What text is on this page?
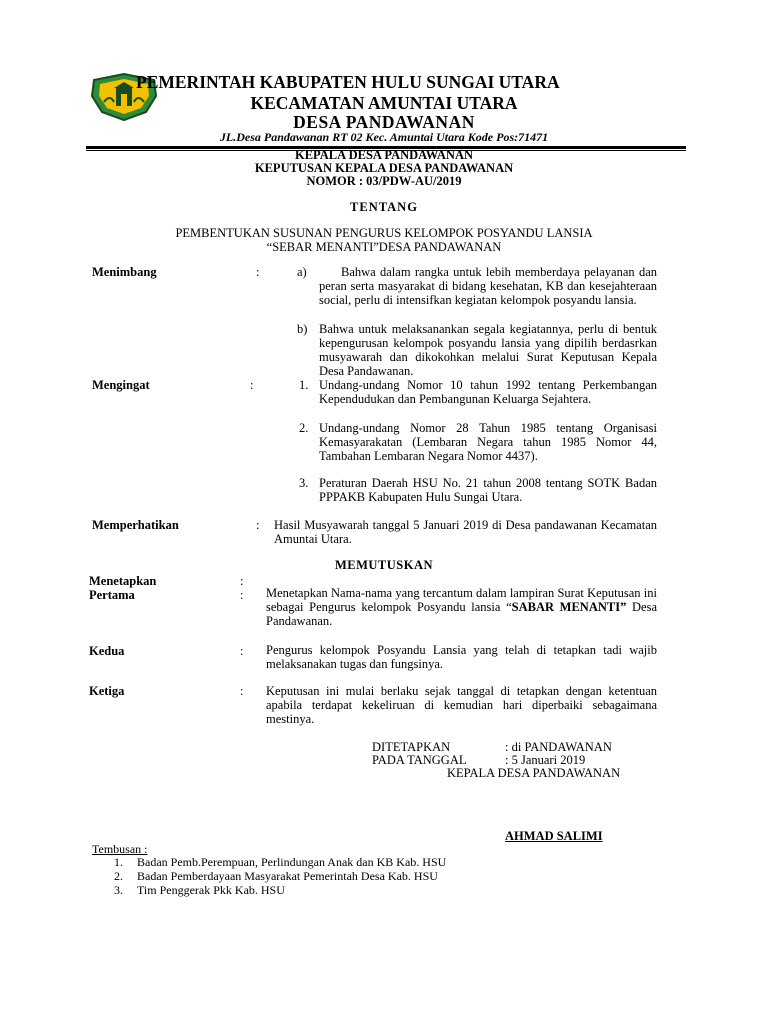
PEMERINTAH KABUPATEN HULU SUNGAI UTARA
KECAMATAN AMUNTAI UTARA
DESA PANDAWANAN
JL.Desa Pandawanan RT 02 Kec. Amuntai Utara Kode Pos:71471
KEPALA DESA PANDAWANAN
KEPUTUSAN KEPALA DESA PANDAWANAN
NOMOR : 03/PDW-AU/2019
TENTANG
PEMBENTUKAN SUSUNAN PENGURUS KELOMPOK POSYANDU LANSIA
“SEBAR MENANTI”DESA PANDAWANAN
Menimbang	:	a)	Bahwa dalam rangka untuk lebih memberdaya pelayanan dan peran serta masyarakat di bidang kesehatan, KB dan kesejahteraan social, perlu di intensifkan kegiatan kelompok posyandu lansia.
b) Bahwa untuk melaksanankan segala kegiatannya, perlu di bentuk kepengurusan kelompok posyandu lansia yang dipilih berdasrkan musyawarah dan dikokohkan melalui Surat Keputusan Kepala Desa Pandawanan.
Mengingat	:	1. Undang-undang Nomor 10 tahun 1992 tentang Perkembangan Kependudukan dan Pembangunan Keluarga Sejahtera.
2. Undang-undang Nomor 28 Tahun 1985 tentang Organisasi Kemasyarakatan (Lembaran Negara tahun 1985 Nomor 44, Tambahan Lembaran Negara Nomor 4437).
3. Peraturan Daerah HSU No. 21 tahun 2008 tentang SOTK Badan PPPAKB Kabupaten Hulu Sungai Utara.
Memperhatikan	: Hasil Musyawarah tanggal 5 Januari 2019 di Desa pandawanan Kecamatan Amuntai Utara.
MEMUTUSKAN
Menetapkan	:
Pertama	: Menetapkan Nama-nama yang tercantum dalam lampiran Surat Keputusan ini sebagai Pengurus kelompok Posyandu lansia “SABAR MENANTI” Desa Pandawanan.
Kedua	: Pengurus kelompok Posyandu Lansia yang telah di tetapkan tadi wajib melaksanakan tugas dan fungsinya.
Ketiga	: Keputusan ini mulai berlaku sejak tanggal di tetapkan dengan ketentuan apabila terdapat kekeliruan di kemudian hari diperbaiki sebagaimana mestinya.
DITETAPKAN	: di PANDAWANAN
PADA TANGGAL	: 5 Januari 2019
KEPALA DESA PANDAWANAN
AHMAD SALIMI
Tembusan :
1. Badan Pemb.Perempuan, Perlindungan Anak dan KB Kab. HSU
2. Badan Pemberdayaan Masyarakat Pemerintah Desa Kab. HSU
3. Tim Penggerak Pkk Kab. HSU
